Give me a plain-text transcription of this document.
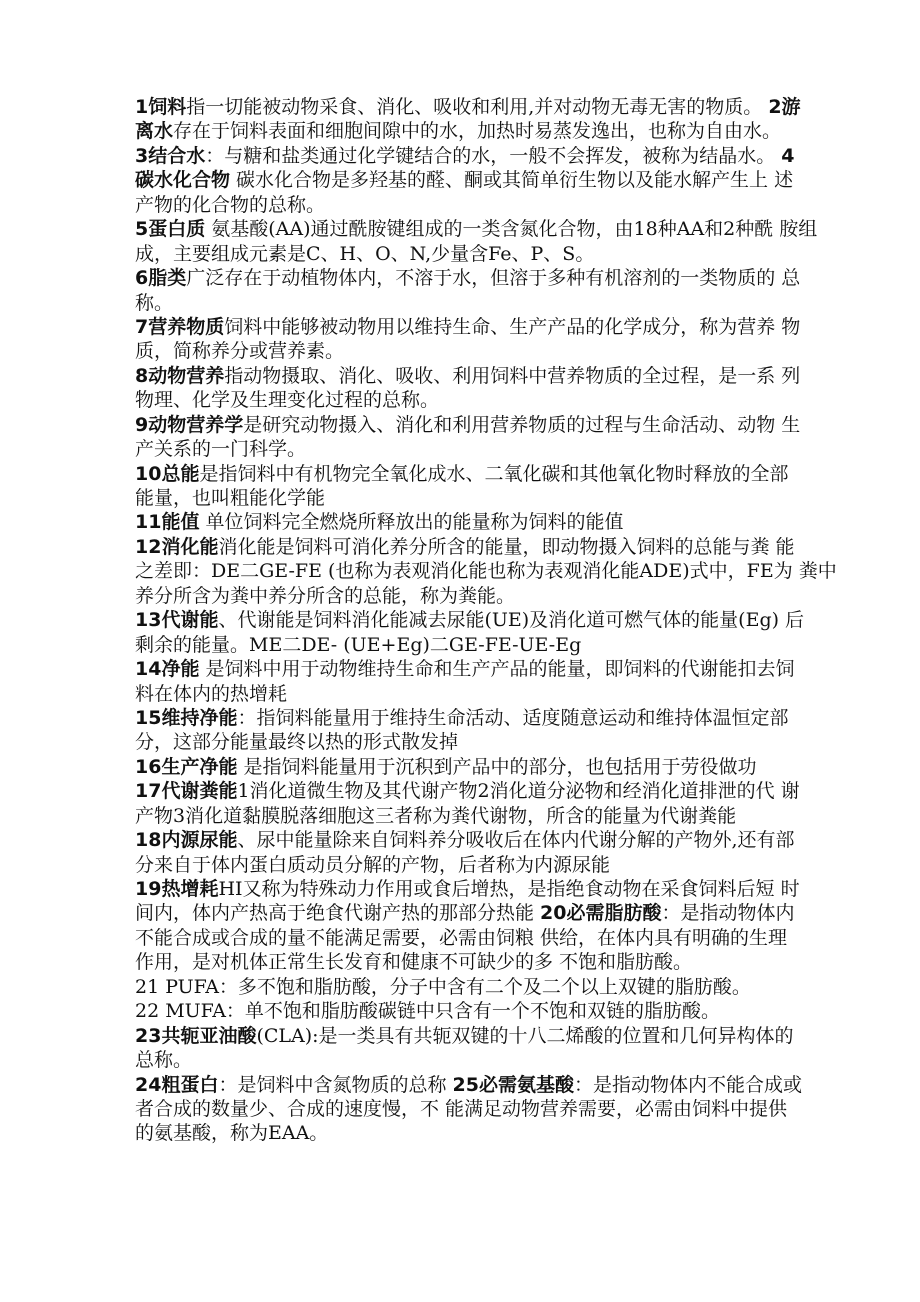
1饲料指一切能被动物采食、消化、吸收和利用,并对动物无毒无害的物质。 2游
离水存在于饲料表面和细胞间隙中的水，加热时易蒸发逸出，也称为自由水。
3结合水：与糖和盐类通过化学键结合的水，一般不会挥发，被称为结晶水。 4
碳水化合物 碳水化合物是多羟基的醛、酮或其简单衍生物以及能水解产生上 述
产物的化合物的总称。
5蛋白质 氨基酸(AA)通过酰胺键组成的一类含氮化合物，由18种AA和2种酰 胺组
成，主要组成元素是C、H、O、N,少量含Fe、P、S。
6脂类广泛存在于动植物体内，不溶于水，但溶于多种有机溶剂的一类物质的 总
称。
7营养物质饲料中能够被动物用以维持生命、生产产品的化学成分，称为营养 物
质，简称养分或营养素。
8动物营养指动物摄取、消化、吸收、利用饲料中营养物质的全过程，是一系 列
物理、化学及生理变化过程的总称。
9动物营养学是研究动物摄入、消化和利用营养物质的过程与生命活动、动物 生
产关系的一门科学。
10总能是指饲料中有机物完全氧化成水、二氧化碳和其他氧化物时释放的全部
能量，也叫粗能化学能
11能值 单位饲料完全燃烧所释放出的能量称为饲料的能值
12消化能消化能是饲料可消化养分所含的能量，即动物摄入饲料的总能与粪 能
之差即：DE二GE-FE (也称为表观消化能也称为表观消化能ADE)式中，FE为 粪中
养分所含为粪中养分所含的总能，称为粪能。
13代谢能、代谢能是饲料消化能减去尿能(UE)及消化道可燃气体的能量(Eg) 后
剩余的能量。ME二DE- (UE+Eg)二GE-FE-UE-Eg
14净能 是饲料中用于动物维持生命和生产产品的能量，即饲料的代谢能扣去饲
料在体内的热增耗
15维持净能：指饲料能量用于维持生命活动、适度随意运动和维持体温恒定部
分，这部分能量最终以热的形式散发掉
16生产净能 是指饲料能量用于沉积到产品中的部分，也包括用于劳役做功
17代谢粪能1消化道微生物及其代谢产物2消化道分泌物和经消化道排泄的代 谢
产物3消化道黏膜脱落细胞这三者称为粪代谢物，所含的能量为代谢粪能
18内源尿能、尿中能量除来自饲料养分吸收后在体内代谢分解的产物外,还有部
分来自于体内蛋白质动员分解的产物，后者称为内源尿能
19热增耗HI又称为特殊动力作用或食后增热，是指绝食动物在采食饲料后短 时
间内，体内产热高于绝食代谢产热的那部分热能 20必需脂肪酸：是指动物体内
不能合成或合成的量不能满足需要，必需由饲粮 供给，在体内具有明确的生理
作用，是对机体正常生长发育和健康不可缺少的多 不饱和脂肪酸。
21 PUFA：多不饱和脂肪酸，分子中含有二个及二个以上双键的脂肪酸。
22 MUFA：单不饱和脂肪酸碳链中只含有一个不饱和双链的脂肪酸。
23共轭亚油酸(CLA):是一类具有共轭双键的十八二烯酸的位置和几何异构体的
总称。
24粗蛋白：是饲料中含氮物质的总称 25必需氨基酸：是指动物体内不能合成或
者合成的数量少、合成的速度慢，不 能满足动物营养需要，必需由饲料中提供
的氨基酸，称为EAA。
